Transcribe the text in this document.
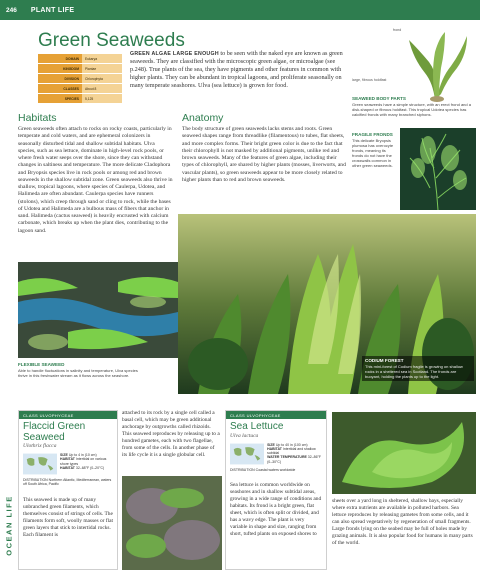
246 PLANT LIFE
OCEAN LIFE
Green Seaweeds
DOMAIN	Eukarya
KINGDOM	Plantae
DIVISION	Chlorophyta
CLASSES	About 8
SPECIES	5,125
GREEN ALGAE LARGE ENOUGH to be seen with the naked eye are known as green seaweeds. They are classified with the microscopic green algae, or microalgae (see p.248). True plants of the sea, they have pigments and other features in common with higher plants. They can be abundant in tropical lagoons, and proliferate seasonally on many temperate seashores. Ulva (sea lettuce) is grown for food.
Habitats
Green seaweeds often attach to rocks on rocky coasts, particularly in temperate and cold waters, and are ephemeral colonizers in seasonally disturbed tidal and shallow subtidal habitats. Ulva species, such as sea lettuce, dominate in high-level rock pools, or where fresh water seeps over the shore, since they can withstand changes in saltiness and temperature. The more delicate Cladophora and Bryopsis species live in rock pools or among red and brown seaweeds in the shallow subtidal zone. Green seaweeds also thrive in shallow, tropical lagoons, where species of Caulerpa, Udotea, and Halimeda are often abundant. Caulerpa species have runners (stolons), which creep through sand or cling to rock, while the bases of Udotea and Halimeda are a bulbous mass of fibers that anchor in sand. Halimeda (cactus seaweed) is heavily encrusted with calcium carbonate, which breaks up when the plant dies, contributing to the lagoon sand.
Anatomy
The body structure of green seaweeds lacks stems and roots. Green seaweed shapes range from threadlike (filamentous) to tubes, flat sheets, and more complex forms. Their bright green color is due to the fact that their chlorophyll is not masked by additional pigments, unlike red and brown seaweeds. Many of the features of green algae, including their types of chlorophyll, are shared by higher plants (mosses, liverworts, and vascular plants), so green seaweeds appear to be more closely related to higher plants than to red and brown seaweeds.
frond
large, fibrous holdfast
SEAWEED BODY PARTS
Green seaweeds have a simple structure, with an erect frond and a disk-shaped or fibrous holdfast. This tropical Udotea species has calcified fronds with many branched siphons.
FRAGILE FRONDS
This delicate Bryopsis plumosa has overocyte fronds, meaning its fronds do not have the crosswalls common in other green seaweeds.
FLEXIBLE SEAWEED
Able to handle fluctuations in salinity and temperature, Ulva species thrive in this freshwater stream as it flows across the seashore.
CODIUM FOREST
This mini-forest of Codium fragile is growing on shallow rocks in a sheltered sea in Scotland. The fronds are buoyant, holding the plants up to the light.
CLASS ULVOPHYCEAE
Flaccid Green Seaweed
Ulothrix flacca
SIZE Up to 4 in (10 cm)
HABITAT Intertidal on various shore types
HABITAT 32–68°F (0–20°C)
DISTRIBUTION Northern Atlantic, Mediterranean, waters off South Africa, Pacific
This seaweed is made up of many unbranched green filaments, which themselves consist of strings of cells. The filaments form soft, woolly masses or flat green layers that stick to intertidal rocks. Each filament is
attached to its rock by a single cell called a basal cell, which may be green additional anchorage by outgrowths called rhizoids. This seaweed reproduces by releasing up to a hundred gametes, each with two flagellae, from some of the cells. In another phase of its life cycle it is a single globular cell.
CLASS ULVOPHYCEAE
Sea Lettuce
Ulva lactuca
SIZE Up to 40 in (100 cm)
HABITAT Intertidal and shallow subtidal
WATER TEMPERATURE 32–86°F (0–30°C)
DISTRIBUTION Coastal waters worldwide
Sea lettuce is common worldwide on seashores and in shallow subtidal areas, growing in a wide range of conditions and habitats. Its frond is a bright green, flat sheet, which is often split or divided, and has a wavy edge. The plant is very variable in shape and size, ranging from short, tufted plants on exposed shores to
sheets over a yard long in sheltered, shallow bays, especially where extra nutrients are available in polluted harbors. Sea lettuce reproduces by releasing gametes from some cells, and it can also spread vegetatively by regeneration of small fragments. Large fronds lying on the seabed may be full of holes made by grazing animals. It is also popular food for humans in many parts of the world.
